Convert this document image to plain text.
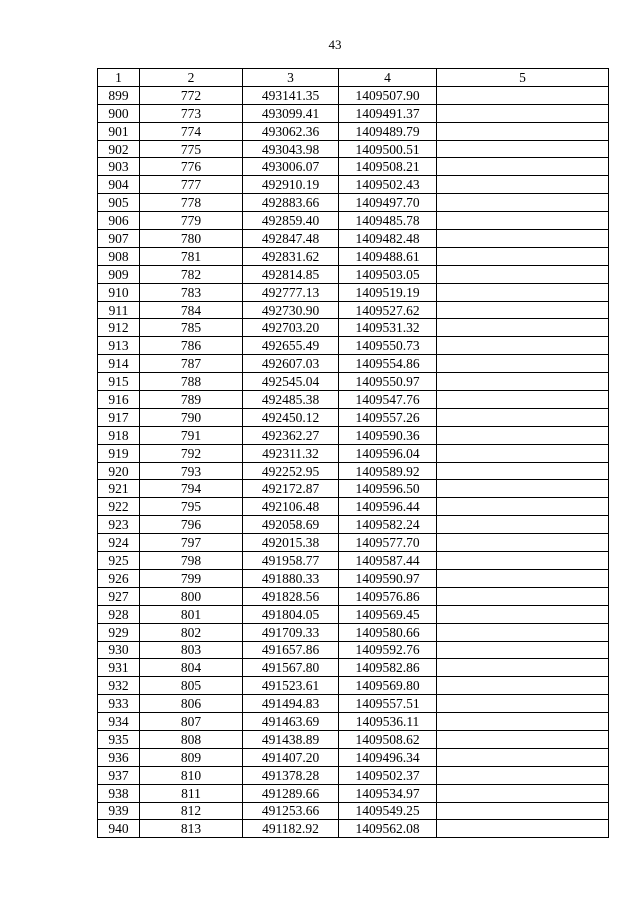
43
1	2	3	4	5
899	772	493141.35	1409507.90	
900	773	493099.41	1409491.37	
901	774	493062.36	1409489.79	
902	775	493043.98	1409500.51	
903	776	493006.07	1409508.21	
904	777	492910.19	1409502.43	
905	778	492883.66	1409497.70	
906	779	492859.40	1409485.78	
907	780	492847.48	1409482.48	
908	781	492831.62	1409488.61	
909	782	492814.85	1409503.05	
910	783	492777.13	1409519.19	
911	784	492730.90	1409527.62	
912	785	492703.20	1409531.32	
913	786	492655.49	1409550.73	
914	787	492607.03	1409554.86	
915	788	492545.04	1409550.97	
916	789	492485.38	1409547.76	
917	790	492450.12	1409557.26	
918	791	492362.27	1409590.36	
919	792	492311.32	1409596.04	
920	793	492252.95	1409589.92	
921	794	492172.87	1409596.50	
922	795	492106.48	1409596.44	
923	796	492058.69	1409582.24	
924	797	492015.38	1409577.70	
925	798	491958.77	1409587.44	
926	799	491880.33	1409590.97	
927	800	491828.56	1409576.86	
928	801	491804.05	1409569.45	
929	802	491709.33	1409580.66	
930	803	491657.86	1409592.76	
931	804	491567.80	1409582.86	
932	805	491523.61	1409569.80	
933	806	491494.83	1409557.51	
934	807	491463.69	1409536.11	
935	808	491438.89	1409508.62	
936	809	491407.20	1409496.34	
937	810	491378.28	1409502.37	
938	811	491289.66	1409534.97	
939	812	491253.66	1409549.25	
940	813	491182.92	1409562.08	
